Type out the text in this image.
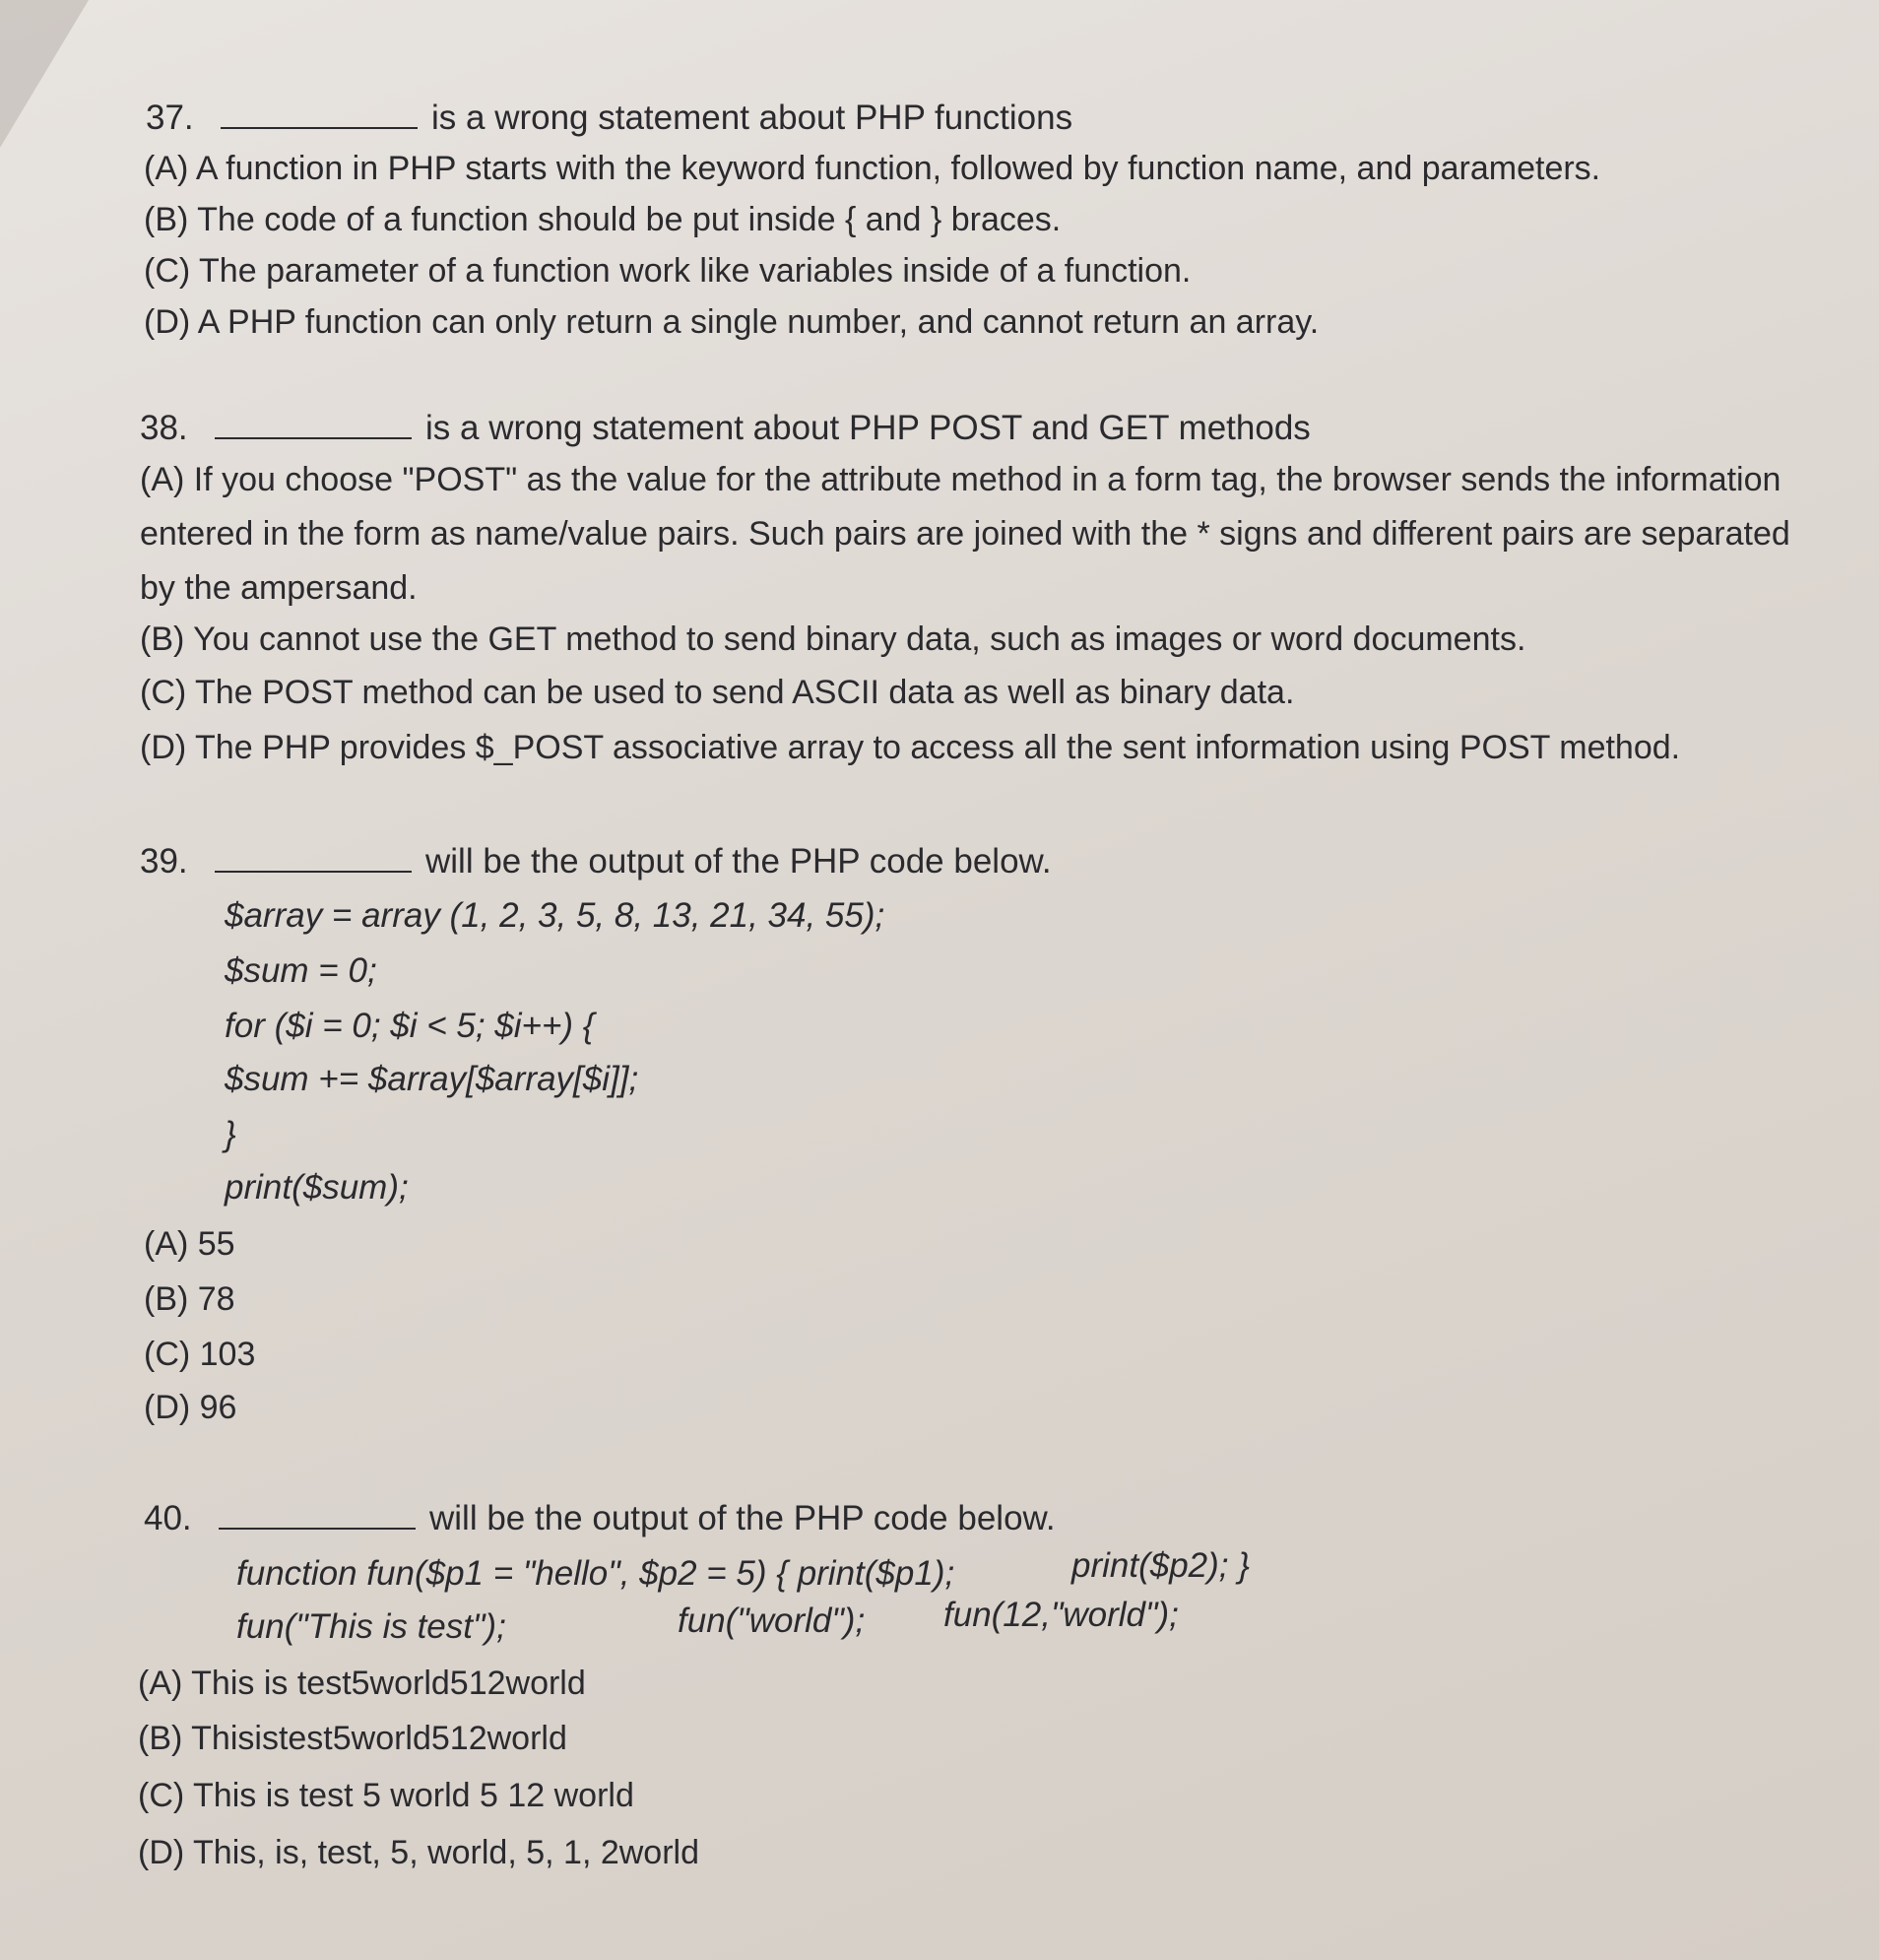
37.	is a wrong statement about PHP functions
(A) A function in PHP starts with the keyword function, followed by function name, and parameters.
(B) The code of a function should be put inside { and } braces.
(C) The parameter of a function work like variables inside of a function.
(D) A PHP function can only return a single number, and cannot return an array.
38.	is a wrong statement about PHP POST and GET methods
(A) If you choose "POST" as the value for the attribute method in a form tag, the browser sends the information entered in the form as name/value pairs. Such pairs are joined with the * signs and different pairs are separated by the ampersand.
(B) You cannot use the GET method to send binary data, such as images or word documents.
(C) The POST method can be used to send ASCII data as well as binary data.
(D) The PHP provides $_POST associative array to access all the sent information using POST method.
39.	will be the output of the PHP code below.
$array = array (1, 2, 3, 5, 8, 13, 21, 34, 55);
$sum = 0;
for ($i = 0; $i < 5; $i++) {
$sum += $array[$array[$i]];
}
print($sum);
(A) 55
(B) 78
(C) 103
(D) 96
40.	will be the output of the PHP code below.
function fun($p1 = "hello", $p2 = 5) { print($p1);	print($p2); }
fun("This is test");	fun("world"); fun(12,"world");
(A) This is test5world512world
(B) Thisistest5world512world
(C) This is test 5 world 5 12 world
(D) This, is, test, 5, world, 5, 1, 2world
